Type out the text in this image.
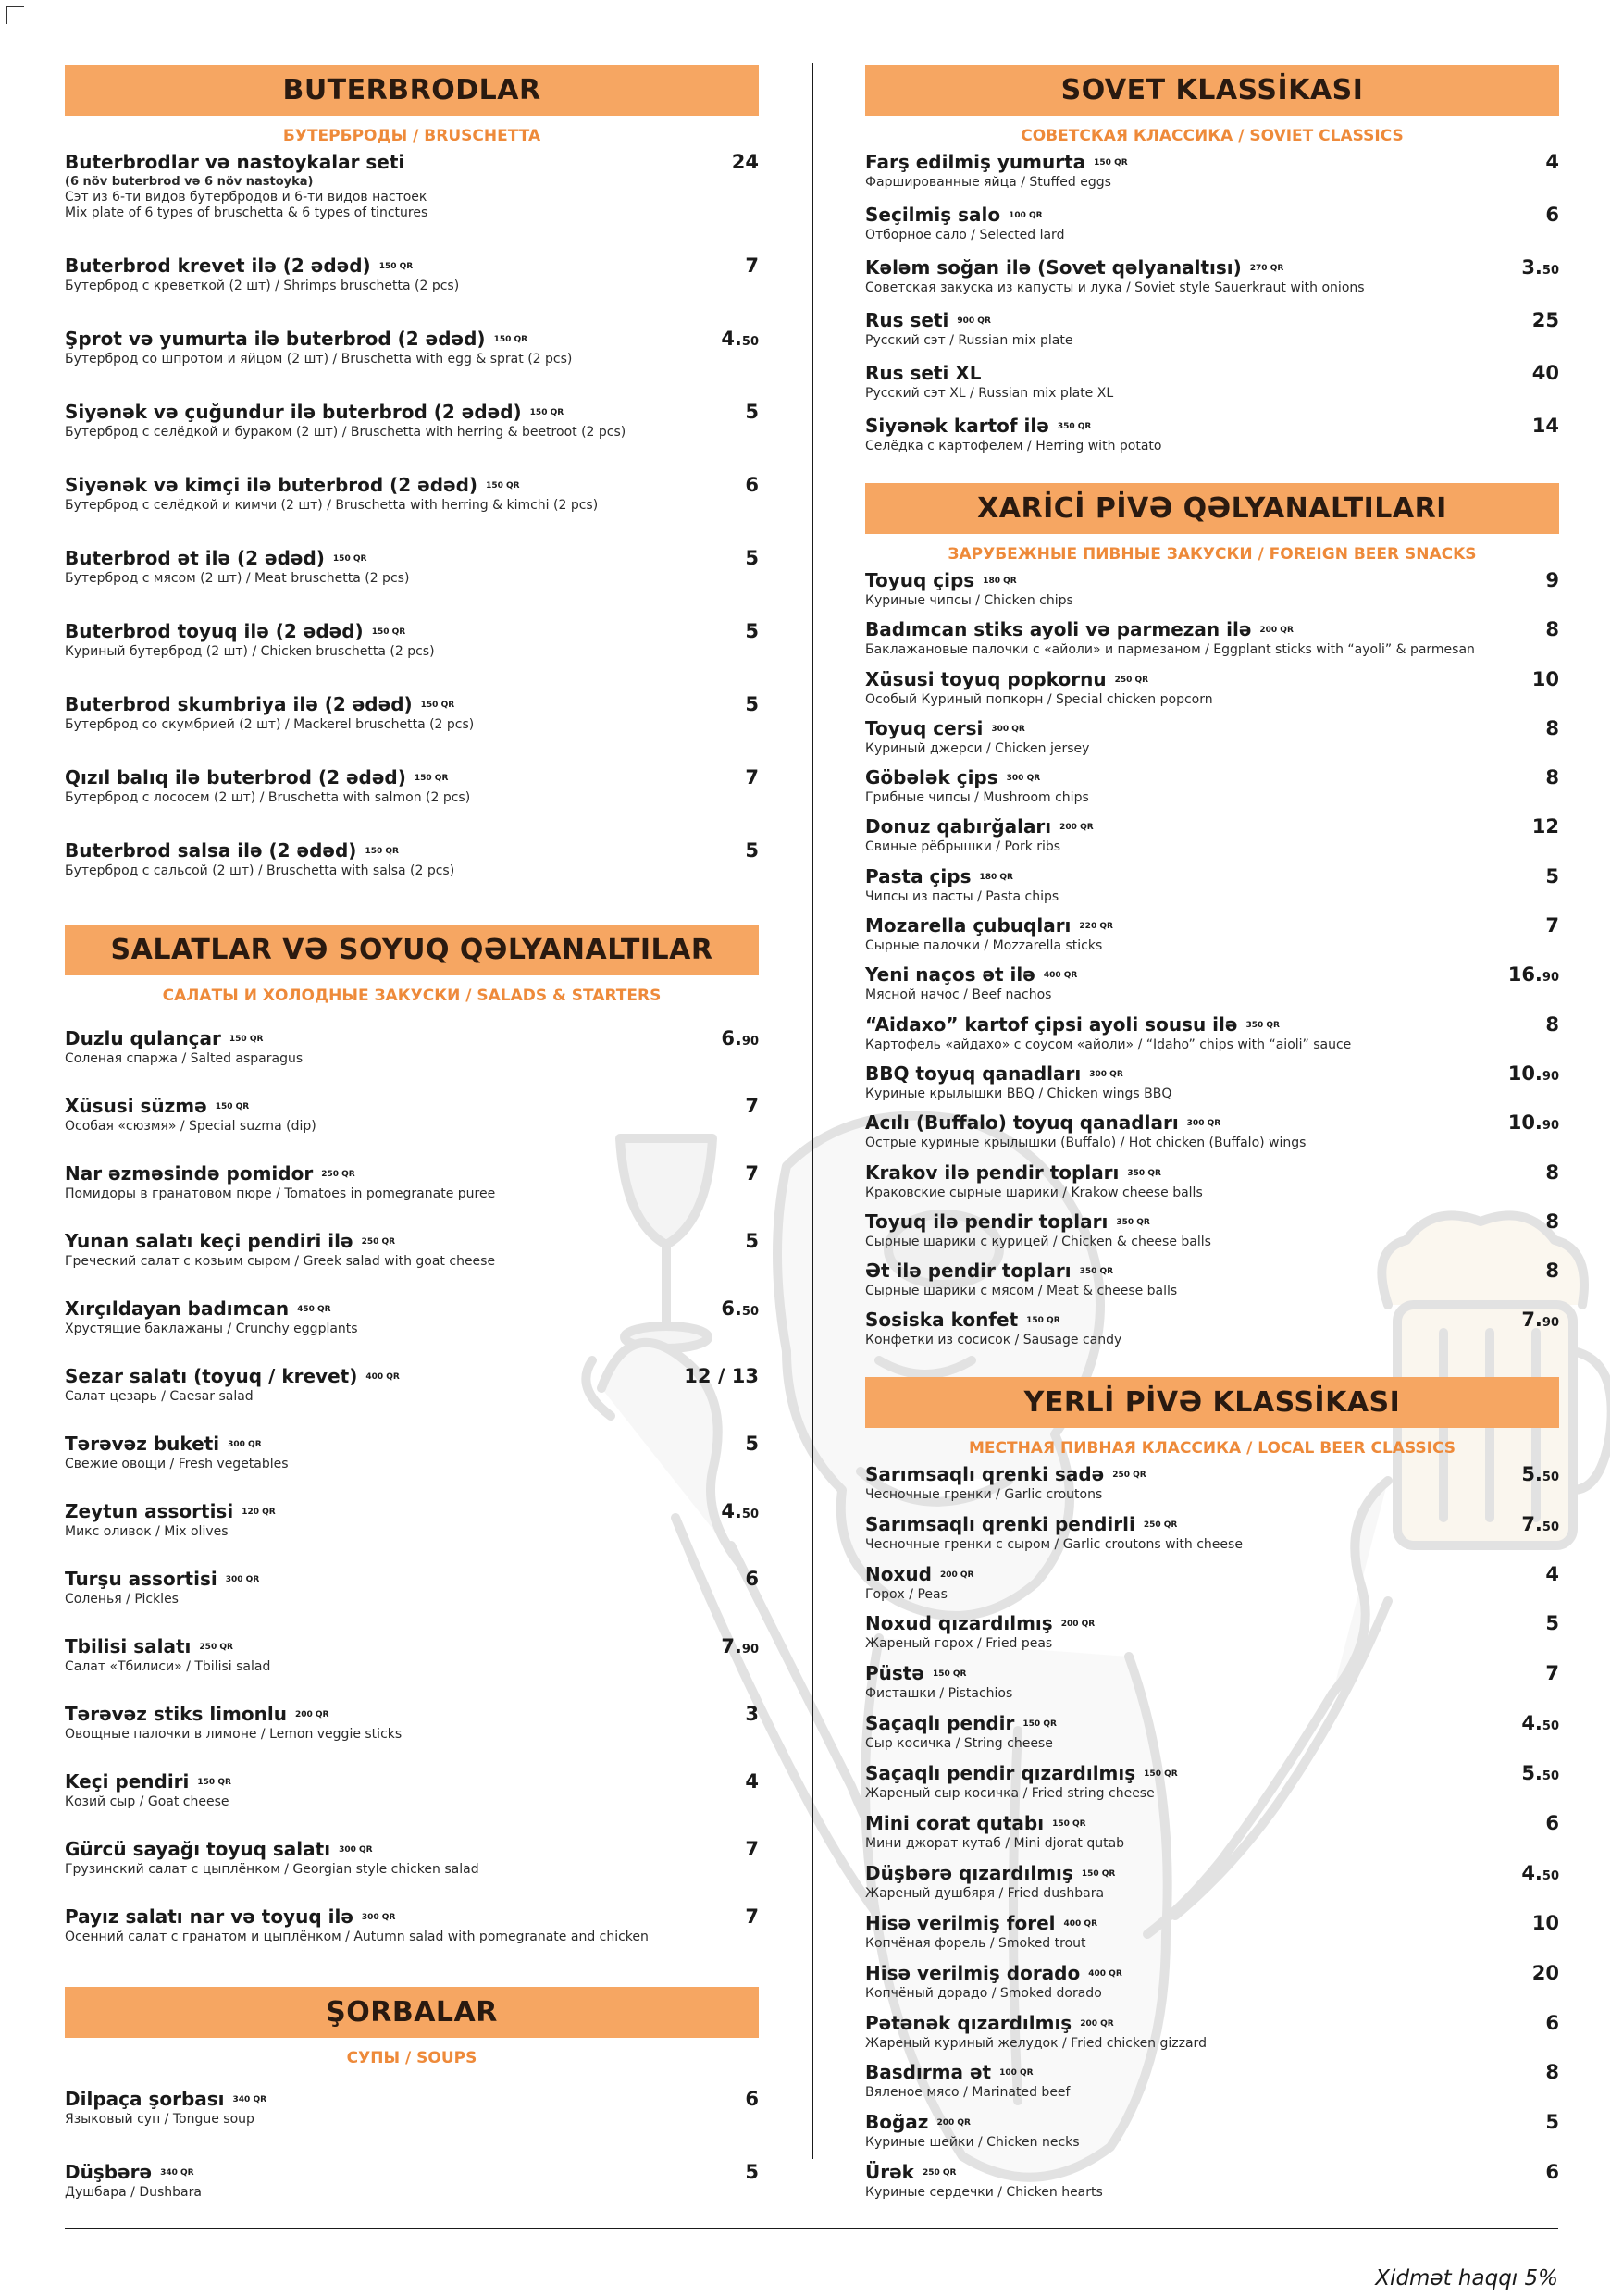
BUTERBRODLAR
БУТЕРБРОДЫ / BRUSCHETTA
Buterbrodlar və nastoykalar seti
(6 növ buterbrod və 6 növ nastoyka)
Сэт из 6-ти видов бутербродов и 6-ти видов настоек
Mix plate of 6 types of bruschetta & 6 types of tinctures
24
Buterbrod krevet ilə (2 ədəd) 150 QR
Бутерброд с креветкой (2 шт) / Shrimps bruschetta (2 pcs)
7
Şprot və yumurta ilə buterbrod (2 ədəd) 150 QR
Бутерброд со шпротом и яйцом (2 шт) / Bruschetta with egg & sprat (2 pcs)
4.50
Siyənək və çuğundur ilə buterbrod (2 ədəd) 150 QR
Бутерброд с селёдкой и бураком (2 шт) / Bruschetta with herring & beetroot (2 pcs)
5
Siyənək və kimçi ilə buterbrod (2 ədəd) 150 QR
Бутерброд с селёдкой и кимчи (2 шт) / Bruschetta with herring & kimchi (2 pcs)
6
Buterbrod ət ilə (2 ədəd) 150 QR
Бутерброд с мясом (2 шт) / Meat bruschetta (2 pcs)
5
Buterbrod toyuq ilə (2 ədəd) 150 QR
Куриный бутерброд (2 шт) / Chicken bruschetta (2 pcs)
5
Buterbrod skumbriya ilə (2 ədəd) 150 QR
Бутерброд со скумбрией (2 шт) / Mackerel bruschetta (2 pcs)
5
Qızıl balıq ilə buterbrod (2 ədəd) 150 QR
Бутерброд с лососем (2 шт) / Bruschetta with salmon (2 pcs)
7
Buterbrod salsa ilə (2 ədəd) 150 QR
Бутерброд с сальсой (2 шт) / Bruschetta with salsa (2 pcs)
5
SALATLAR VƏ SOYUQ QƏLYANALTILAR
САЛАТЫ И ХОЛОДНЫЕ ЗАКУСКИ / SALADS & STARTERS
Duzlu qulançar 150 QR
Соленая спаржа / Salted asparagus
6.90
Xüsusi süzmə 150 QR
Особая «сюзмя» / Special suzma (dip)
7
Nar əzməsində pomidor 250 QR
Помидоры в гранатовом пюре / Tomatoes in pomegranate puree
7
Yunan salatı keçi pendiri ilə 250 QR
Греческий салат с козьим сыром / Greek salad with goat cheese
5
Xırçıldayan badımcan 450 QR
Хрустящие баклажаны / Crunchy eggplants
6.50
Sezar salatı (toyuq / krevet) 400 QR
Салат цезарь / Caesar salad
12 / 13
Tərəvəz buketi 300 QR
Свежие овощи / Fresh vegetables
5
Zeytun assortisi 120 QR
Микс оливок / Mix olives
4.50
Turşu assortisi 300 QR
Соленья / Pickles
6
Tbilisi salatı 250 QR
Салат «Тбилиси» / Tbilisi salad
7.90
Tərəvəz stiks limonlu 200 QR
Овощные палочки в лимоне / Lemon veggie sticks
3
Keçi pendiri 150 QR
Козий сыр / Goat cheese
4
Gürcü sayağı toyuq salatı 300 QR
Грузинский салат с цыплёнком / Georgian style chicken salad
7
Payız salatı nar və toyuq ilə 300 QR
Осенний салат с гранатом и цыплёнком / Autumn salad with pomegranate and chicken
7
ŞORBALAR
СУПЫ / SOUPS
Dilpaça şorbası 340 QR
Языковый суп / Tongue soup
6
Düşbərə 340 QR
Душбара / Dushbara
5
SOVET KLASSİKASI
СОВЕТСКАЯ КЛАССИКА / SOVIET CLASSICS
Farş edilmiş yumurta 150 QR
Фаршированные яйца / Stuffed eggs
4
Seçilmiş salo 100 QR
Отборное сало / Selected lard
6
Kələm soğan ilə (Sovet qəlyanaltısı) 270 QR
Советская закуска из капусты и лука / Soviet style Sauerkraut with onions
3.50
Rus seti 900 QR
Русский сэт / Russian mix plate
25
Rus seti XL
Русский сэт XL / Russian mix plate XL
40
Siyənək kartof ilə 350 QR
Селёдка с картофелем / Herring with potato
14
XARİCİ PİVƏ QƏLYANALTILARI
ЗАРУБЕЖНЫЕ ПИВНЫЕ ЗАКУСКИ / FOREIGN BEER SNACKS
Toyuq çips 180 QR
Куриные чипсы / Chicken chips
9
Badımcan stiks ayoli və parmezan ilə 200 QR
Баклажановые палочки с «айоли» и пармезаном / Eggplant sticks with “ayoli” & parmesan
8
Xüsusi toyuq popkornu 250 QR
Особый Куриный попкорн / Special chicken popcorn
10
Toyuq cersi 300 QR
Куриный джерси / Chicken jersey
8
Göbələk çips 300 QR
Грибные чипсы / Mushroom chips
8
Donuz qabırğaları 200 QR
Свиные рёбрышки / Pork ribs
12
Pasta çips 180 QR
Чипсы из пасты / Pasta chips
5
Mozarella çubuqları 220 QR
Сырные палочки / Mozzarella sticks
7
Yeni naços ət ilə 400 QR
Мясной начос / Beef nachos
16.90
“Aidaxo” kartof çipsi ayoli sousu ilə 350 QR
Картофель «айдахо» с соусом «айоли» / “Idaho” chips with “aioli” sauce
8
BBQ toyuq qanadları 300 QR
Куриные крылышки BBQ / Chicken wings BBQ
10.90
Acılı (Buffalo) toyuq qanadları 300 QR
Острые куриные крылышки (Buffalo) / Hot chicken (Buffalo) wings
10.90
Krakov ilə pendir topları 350 QR
Краковские сырные шарики / Krakow cheese balls
8
Toyuq ilə pendir topları 350 QR
Сырные шарики с курицей / Chicken & cheese balls
8
Ət ilə pendir topları 350 QR
Сырные шарики с мясом / Meat & cheese balls
8
Sosiska konfet 150 QR
Конфетки из сосисок / Sausage candy
7.90
YERLİ PİVƏ KLASSİKASI
МЕСТНАЯ ПИВНАЯ КЛАССИКА / LOCAL BEER CLASSICS
Sarımsaqlı qrenki sadə 250 QR
Чесночные гренки / Garlic croutons
5.50
Sarımsaqlı qrenki pendirli 250 QR
Чесночные гренки с сыром / Garlic croutons with cheese
7.50
Noxud 200 QR
Горох / Peas
4
Noxud qızardılmış 200 QR
Жареный горох / Fried peas
5
Püstə 150 QR
Фисташки / Pistachios
7
Saçaqlı pendir 150 QR
Сыр косичка / String cheese
4.50
Saçaqlı pendir qızardılmış 150 QR
Жареный сыр косичка / Fried string cheese
5.50
Mini corat qutabı 150 QR
Мини джорат кутаб / Mini djorat qutab
6
Düşbərə qızardılmış 150 QR
Жареный душбяря / Fried dushbara
4.50
Hisə verilmiş forel 400 QR
Копчёная форель / Smoked trout
10
Hisə verilmiş dorado 400 QR
Копчёный дорадо / Smoked dorado
20
Pətənək qızardılmış 200 QR
Жареный куриный желудок / Fried chicken gizzard
6
Basdırma ət 100 QR
Вяленое мясо / Marinated beef
8
Boğaz 200 QR
Куриные шейки / Chicken necks
5
Ürək 250 QR
Куриные сердечки / Chicken hearts
6
Xidmət haqqı 5%
